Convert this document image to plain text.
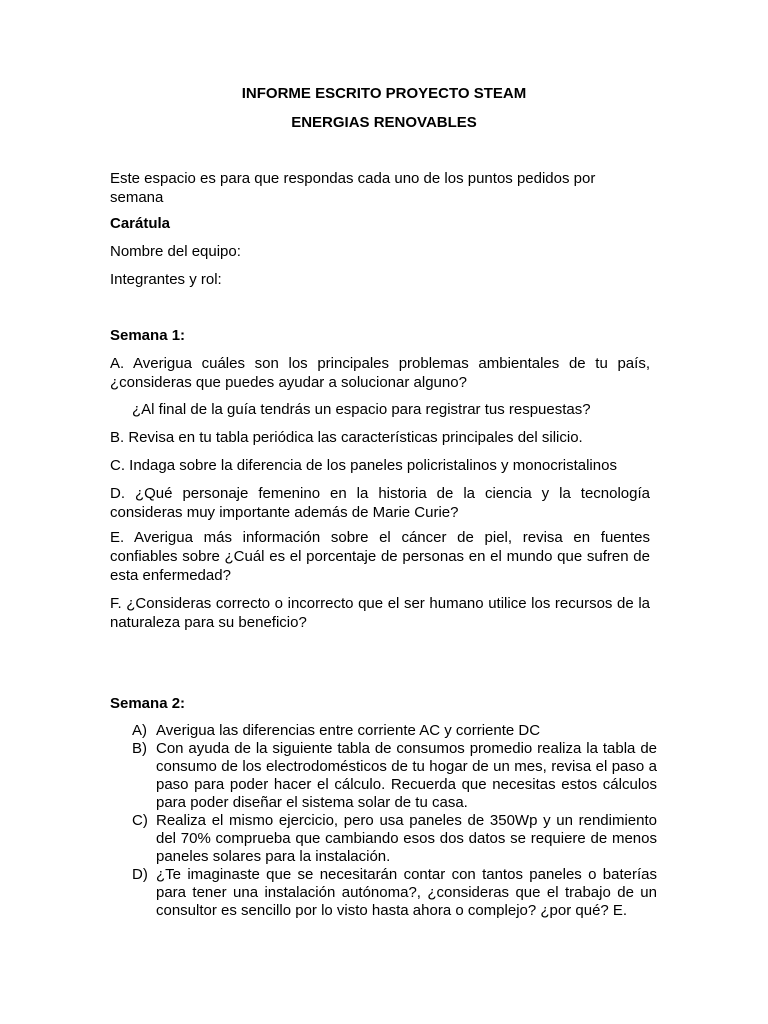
INFORME ESCRITO PROYECTO STEAM
ENERGIAS RENOVABLES
Este espacio es para que respondas cada uno de los puntos pedidos por semana
Carátula
Nombre del equipo:
Integrantes y rol:
Semana 1:
A. Averigua cuáles son los principales problemas ambientales de tu país, ¿consideras que puedes ayudar a solucionar alguno?
¿Al final de la guía tendrás un espacio para registrar tus respuestas?
B. Revisa en tu tabla periódica las características principales del silicio.
C. Indaga sobre la diferencia de los paneles policristalinos y monocristalinos
D. ¿Qué personaje femenino en la historia de la ciencia y la tecnología consideras muy importante además de Marie Curie?
E. Averigua más información sobre el cáncer de piel, revisa en fuentes confiables sobre ¿Cuál es el porcentaje de personas en el mundo que sufren de esta enfermedad?
F. ¿Consideras correcto o incorrecto que el ser humano utilice los recursos de la naturaleza para su beneficio?
Semana 2:
A) Averigua las diferencias entre corriente AC y corriente DC
B) Con ayuda de la siguiente tabla de consumos promedio realiza la tabla de consumo de los electrodomésticos de tu hogar de un mes, revisa el paso a paso para poder hacer el cálculo. Recuerda que necesitas estos cálculos para poder diseñar el sistema solar de tu casa.
C) Realiza el mismo ejercicio, pero usa paneles de 350Wp y un rendimiento del 70% comprueba que cambiando esos dos datos se requiere de menos paneles solares para la instalación.
D) ¿Te imaginaste que se necesitarán contar con tantos paneles o baterías para tener una instalación autónoma?, ¿consideras que el trabajo de un consultor es sencillo por lo visto hasta ahora o complejo? ¿por qué? E.
